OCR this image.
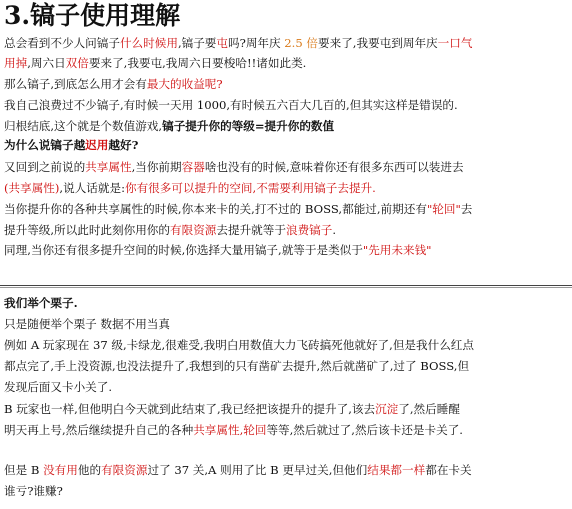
3.镐子使用理解
总会看到不少人问镐子什么时候用,镐子要屯吗?周年庆 2.5 倍要来了,我要屯到周年庆一口气
用掉,周六日双倍要来了,我要屯,我周六日要梭哈!!诸如此类.
那么镐子,到底怎么用才会有最大的收益呢?
我自己浪费过不少镐子,有时候一天用 1000,有时候五六百大几百的,但其实这样是错误的.
归根结底,这个就是个数值游戏,镐子提升你的等级=提升你的数值
为什么说镐子越迟用越好?
又回到之前说的共享属性,当你前期容器啥也没有的时候,意味着你还有很多东西可以装进去
(共享属性),说人话就是:你有很多可以提升的空间,不需要利用镐子去提升.
当你提升你的各种共享属性的时候,你本来卡的关,打不过的 BOSS,都能过,前期还有"轮回"去
提升等级,所以此时此刻你用你的有限资源去提升就等于浪费镐子.
同理,当你还有很多提升空间的时候,你选择大量用镐子,就等于是类似于"先用未来钱"
我们举个栗子.
只是随便举个栗子 数据不用当真
例如 A 玩家现在 37 级,卡绿龙,很难受,我明白用数值大力飞砖搞死他就好了,但是我什么红点
都点完了,手上没资源,也没法提升了,我想到的只有凿矿去提升,然后就凿矿了,过了 BOSS,但
发现后面又卡小关了.
B 玩家也一样,但他明白今天就到此结束了,我已经把该提升的提升了,该去沉淀了,然后睡醒
明天再上号,然后继续提升自己的各种共享属性,轮回等等,然后就过了,然后该卡还是卡关了.
但是 B 没有用他的有限资源过了 37 关,A 则用了比 B 更早过关,但他们结果都一样都在卡关
谁亏?谁赚?
